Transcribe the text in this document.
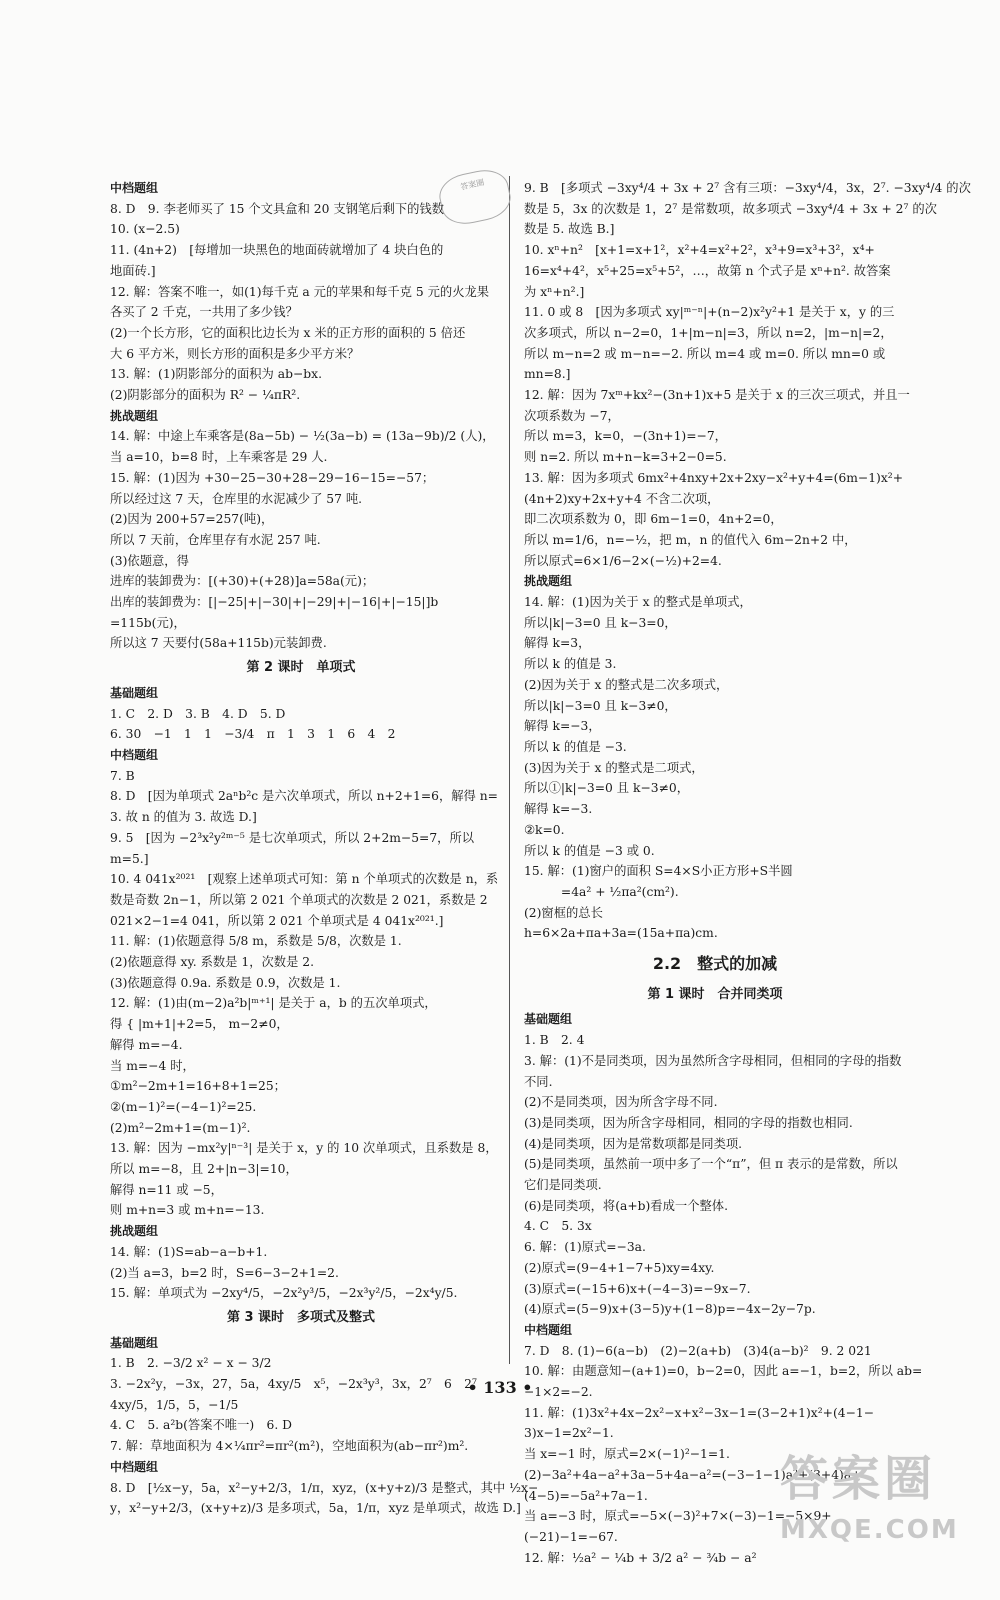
答案圈
中档题组
8. D　9. 李老师买了 15 个文具盒和 20 支钢笔后剩下的钱数
10. (x−2.5)
11. (4n+2)　[每增加一块黑色的地面砖就增加了 4 块白色的
地面砖.]
12. 解：答案不唯一，如(1)每千克 a 元的苹果和每千克 5 元的火龙果
各买了 2 千克，一共用了多少钱？
(2)一个长方形，它的面积比边长为 x 米的正方形的面积的 5 倍还
大 6 平方米，则长方形的面积是多少平方米？
13. 解：(1)阴影部分的面积为 ab−bx.
(2)阴影部分的面积为 R² − ¼πR².
挑战题组
14. 解：中途上车乘客是(8a−5b) − ½(3a−b) = (13a−9b)/2 (人)，
当 a=10，b=8 时，上车乘客是 29 人.
15. 解：(1)因为 +30−25−30+28−29−16−15=−57；
所以经过这 7 天，仓库里的水泥减少了 57 吨.
(2)因为 200+57=257(吨)，
所以 7 天前，仓库里存有水泥 257 吨.
(3)依题意，得
进库的装卸费为：[(+30)+(+28)]a=58a(元)；
出库的装卸费为：[|−25|+|−30|+|−29|+|−16|+|−15|]b
=115b(元)，
所以这 7 天要付(58a+115b)元装卸费.
第 2 课时　单项式
基础题组
1. C　2. D　3. B　4. D　5. D
6. 30　−1　1　1　−3/4　π　1　3　1　6　4　2
中档题组
7. B
8. D　[因为单项式 2aⁿb²c 是六次单项式，所以 n+2+1=6，解得 n=
3. 故 n 的值为 3. 故选 D.]
9. 5　[因为 −2³x²y²ᵐ⁻⁵ 是七次单项式，所以 2+2m−5=7，所以
m=5.]
10. 4 041x²⁰²¹　[观察上述单项式可知：第 n 个单项式的次数是 n，系
数是奇数 2n−1，所以第 2 021 个单项式的次数是 2 021，系数是 2
021×2−1=4 041，所以第 2 021 个单项式是 4 041x²⁰²¹.]
11. 解：(1)依题意得 5/8 m，系数是 5/8，次数是 1.
(2)依题意得 xy. 系数是 1，次数是 2.
(3)依题意得 0.9a. 系数是 0.9，次数是 1.
12. 解：(1)由(m−2)a²b|ᵐ⁺¹| 是关于 a，b 的五次单项式，
得 { |m+1|+2=5， m−2≠0，
解得 m=−4.
当 m=−4 时，
①m²−2m+1=16+8+1=25；
②(m−1)²=(−4−1)²=25.
(2)m²−2m+1=(m−1)².
13. 解：因为 −mx²y|ⁿ⁻³| 是关于 x，y 的 10 次单项式，且系数是 8，
所以 m=−8，且 2+|n−3|=10，
解得 n=11 或 −5，
则 m+n=3 或 m+n=−13.
挑战题组
14. 解：(1)S=ab−a−b+1.
(2)当 a=3，b=2 时，S=6−3−2+1=2.
15. 解：单项式为 −2xy⁴/5，−2x²y³/5，−2x³y²/5，−2x⁴y/5.
第 3 课时　多项式及整式
基础题组
1. B　2. −3/2 x² − x − 3/2
3. −2x²y，−3x，27，5a，4xy/5　x⁵，−2x³y³，3x，2⁷　6　2⁷
4xy/5，1/5，5，−1/5
4. C　5. a²b(答案不唯一)　6. D
7. 解：草地面积为 4×¼πr²=πr²(m²)，空地面积为(ab−πr²)m².
中档题组
8. D　[½x−y，5a，x²−y+2/3，1/π，xyz，(x+y+z)/3 是整式，其中 ½x−
y，x²−y+2/3，(x+y+z)/3 是多项式，5a，1/π，xyz 是单项式，故选 D.]
9. B　[多项式 −3xy⁴/4 + 3x + 2⁷ 含有三项：−3xy⁴/4，3x，2⁷. −3xy⁴/4 的次
数是 5，3x 的次数是 1，2⁷ 是常数项，故多项式 −3xy⁴/4 + 3x + 2⁷ 的次
数是 5. 故选 B.]
10. xⁿ+n²　[x+1=x+1²，x²+4=x²+2²，x³+9=x³+3²，x⁴+
16=x⁴+4²，x⁵+25=x⁵+5²，…，故第 n 个式子是 xⁿ+n². 故答案
为 xⁿ+n².]
11. 0 或 8　[因为多项式 xy|ᵐ⁻ⁿ|+(n−2)x²y²+1 是关于 x，y 的三
次多项式，所以 n−2=0，1+|m−n|=3，所以 n=2，|m−n|=2，
所以 m−n=2 或 m−n=−2. 所以 m=4 或 m=0. 所以 mn=0 或
mn=8.]
12. 解：因为 7xᵐ+kx²−(3n+1)x+5 是关于 x 的三次三项式，并且一
次项系数为 −7，
所以 m=3，k=0，−(3n+1)=−7，
则 n=2. 所以 m+n−k=3+2−0=5.
13. 解：因为多项式 6mx²+4nxy+2x+2xy−x²+y+4=(6m−1)x²+
(4n+2)xy+2x+y+4 不含二次项，
即二次项系数为 0，即 6m−1=0，4n+2=0，
所以 m=1/6，n=−½，把 m，n 的值代入 6m−2n+2 中，
所以原式=6×1/6−2×(−½)+2=4.
挑战题组
14. 解：(1)因为关于 x 的整式是单项式，
所以|k|−3=0 且 k−3=0，
解得 k=3，
所以 k 的值是 3.
(2)因为关于 x 的整式是二次多项式，
所以|k|−3=0 且 k−3≠0，
解得 k=−3，
所以 k 的值是 −3.
(3)因为关于 x 的整式是二项式，
所以①|k|−3=0 且 k−3≠0，
解得 k=−3.
②k=0.
所以 k 的值是 −3 或 0.
15. 解：(1)窗户的面积 S=4×S小正方形+S半圆
　　　=4a² + ½πa²(cm²).
(2)窗框的总长
h=6×2a+πa+3a=(15a+πa)cm.
2.2　整式的加减
第 1 课时　合并同类项
基础题组
1. B　2. 4
3. 解：(1)不是同类项，因为虽然所含字母相同，但相同的字母的指数
不同.
(2)不是同类项，因为所含字母不同.
(3)是同类项，因为所含字母相同，相同的字母的指数也相同.
(4)是同类项，因为是常数项都是同类项.
(5)是同类项，虽然前一项中多了一个“π”，但 π 表示的是常数，所以
它们是同类项.
(6)是同类项，将(a+b)看成一个整体.
4. C　5. 3x
6. 解：(1)原式=−3a.
(2)原式=(9−4+1−7+5)xy=4xy.
(3)原式=(−15+6)x+(−4−3)=−9x−7.
(4)原式=(5−9)x+(3−5)y+(1−8)p=−4x−2y−7p.
中档题组
7. D　8. (1)−6(a−b)　(2)−2(a+b)　(3)4(a−b)²　9. 2 021
10. 解：由题意知−(a+1)=0，b−2=0，因此 a=−1，b=2，所以 ab=
−1×2=−2.
11. 解：(1)3x²+4x−2x²−x+x²−3x−1=(3−2+1)x²+(4−1−
3)x−1=2x²−1.
当 x=−1 时，原式=2×(−1)²−1=1.
(2)−3a²+4a−a²+3a−5+4a−a²=(−3−1−1)a²+(3+4)a+
(4−5)=−5a²+7a−1.
当 a=−3 时，原式=−5×(−3)²+7×(−3)−1=−5×9+
(−21)−1=−67.
12. 解：½a² − ¼b + 3/2 a² − ¾b − a²
• 133 •
答案圈
MXQE.COM
